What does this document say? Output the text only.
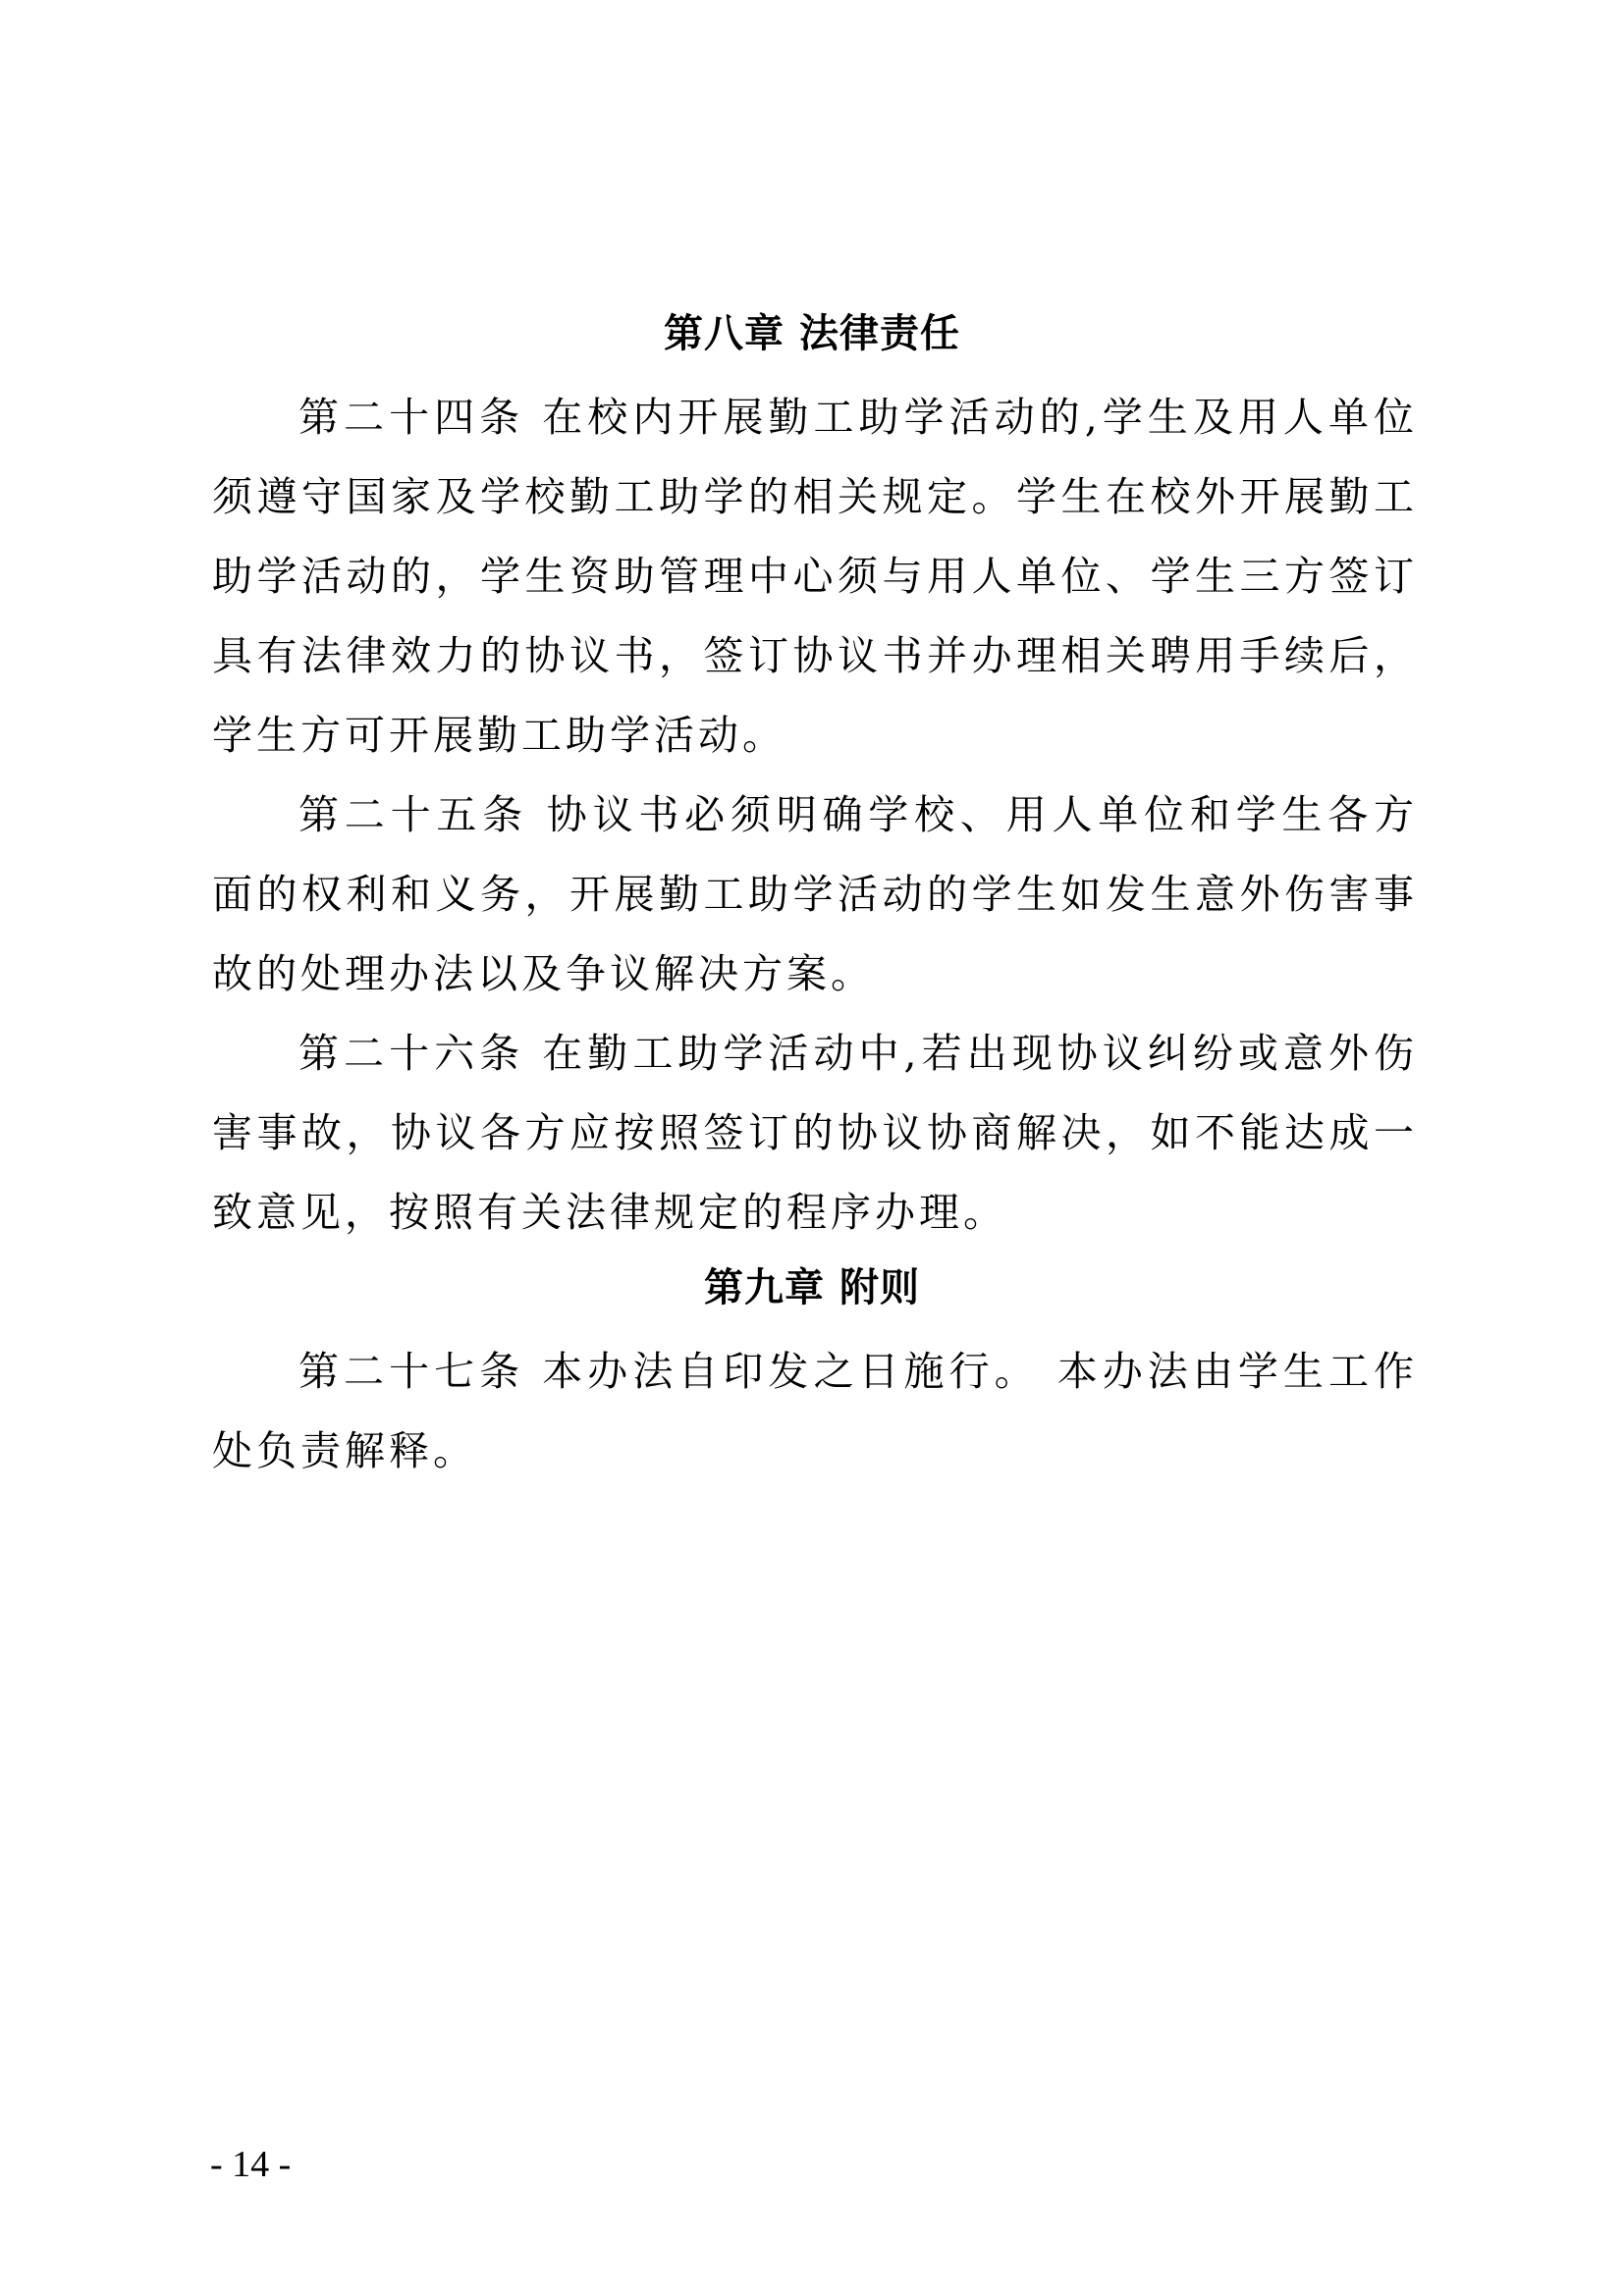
第八章 法律责任

第二十四条 在校内开展勤工助学活动的,学生及用人单位须遵守国家及学校勤工助学的相关规定。学生在校外开展勤工助学活动的，学生资助管理中心须与用人单位、学生三方签订具有法律效力的协议书，签订协议书并办理相关聘用手续后，学生方可开展勤工助学活动。

第二十五条 协议书必须明确学校、用人单位和学生各方面的权利和义务，开展勤工助学活动的学生如发生意外伤害事故的处理办法以及争议解决方案。

第二十六条 在勤工助学活动中,若出现协议纠纷或意外伤害事故，协议各方应按照签订的协议协商解决，如不能达成一致意见，按照有关法律规定的程序办理。

第九章 附则

第二十七条 本办法自印发之日施行。 本办法由学生工作处负责解释。

- 14 -
